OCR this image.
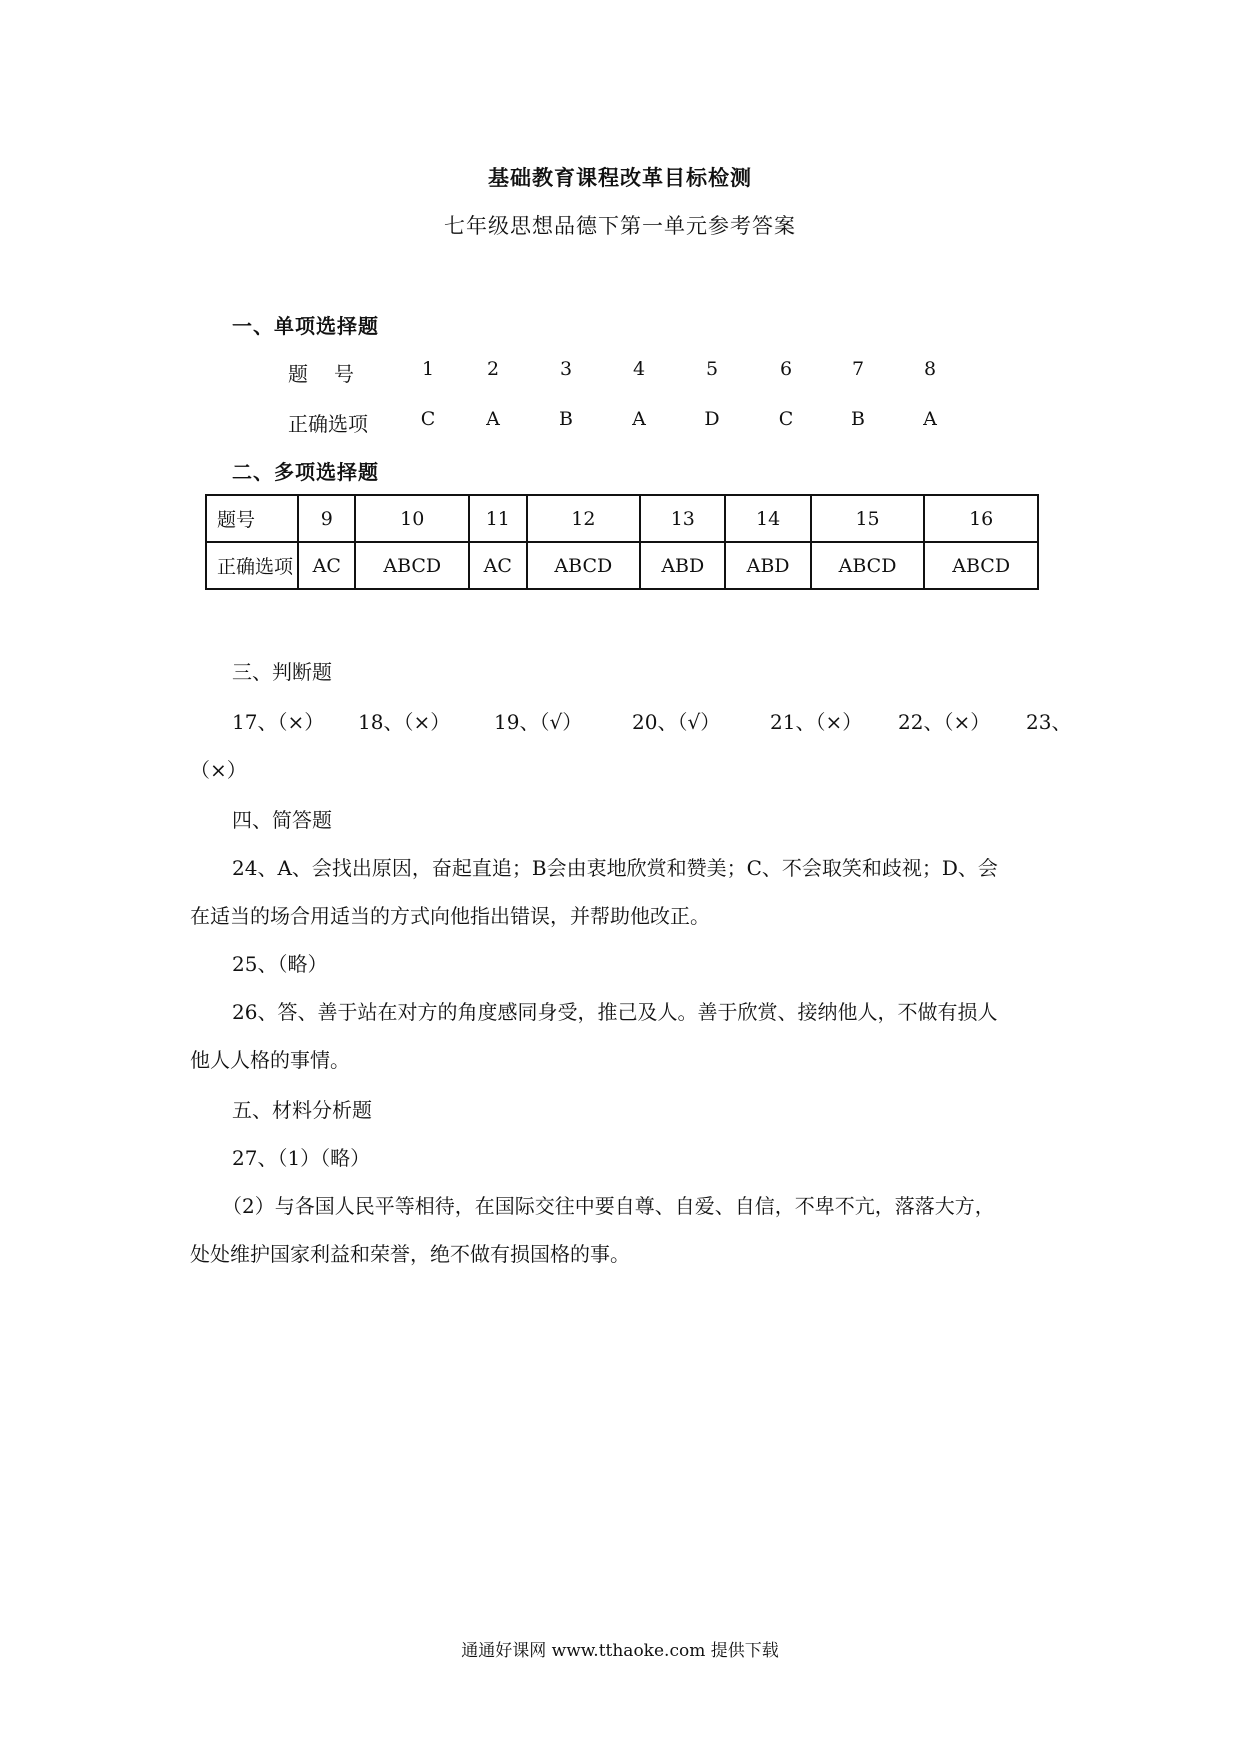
基础教育课程改革目标检测
七年级思想品德下第一单元参考答案
一、单项选择题
题号	1	2	3	4	5	6	7	8
正确选项	C	A	B	A	D	C	B	A
二、多项选择题
题号	9	10	11	12	13	14	15	16
正确选项	AC	ABCD	AC	ABCD	ABD	ABD	ABCD	ABCD
三、判断题
17、（×） 18、（×） 19、（√） 20、（√） 21、（×） 22、（×） 23、
（×）
四、简答题
24、A、会找出原因，奋起直追；B会由衷地欣赏和赞美；C、不会取笑和歧视；D、会
在适当的场合用适当的方式向他指出错误，并帮助他改正。
25、（略）
26、答、善于站在对方的角度感同身受，推己及人。善于欣赏、接纳他人，不做有损人
他人人格的事情。
五、材料分析题
27、（1）（略）
（2）与各国人民平等相待，在国际交往中要自尊、自爱、自信，不卑不亢，落落大方，
处处维护国家利益和荣誉，绝不做有损国格的事。
通通好课网 www.tthaoke.com 提供下载
